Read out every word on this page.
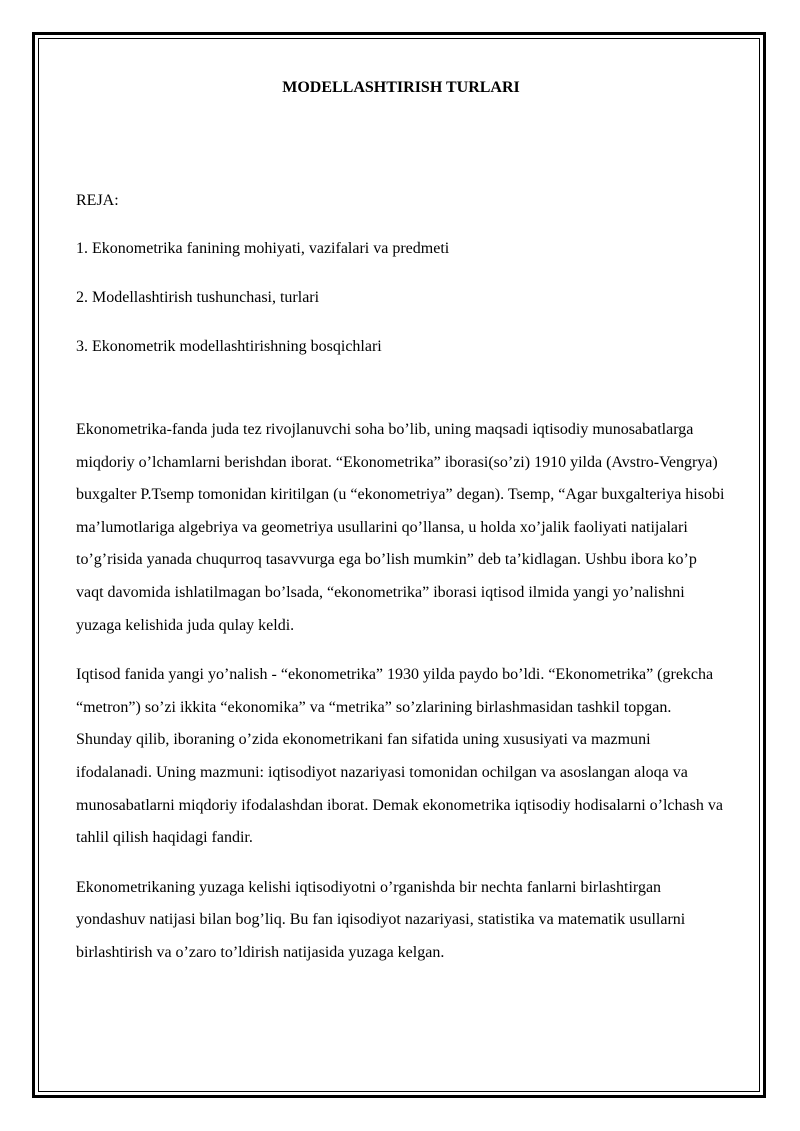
MODELLASHTIRISH TURLARI

REJA:

1. Ekonometrika fanining mohiyati, vazifalari va predmeti
2. Modellashtirish tushunchasi, turlari
3. Ekonometrik modellashtirishning bosqichlari

Ekonometrika-fanda juda tez rivojlanuvchi soha bo’lib, uning maqsadi iqtisodiy munosabatlarga miqdoriy o’lchamlarni berishdan iborat. “Ekonometrika” iborasi(so’zi) 1910 yilda (Avstro-Vengrya) buxgalter P.Tsemp tomonidan kiritilgan (u “ekonometriya” degan). Tsemp, “Agar buxgalteriya hisobi ma’lumotlariga algebriya va geometriya usullarini qo’llansa, u holda xo’jalik faoliyati natijalari to’g’risida yanada chuqurroq tasavvurga ega bo’lish mumkin” deb ta’kidlagan. Ushbu ibora ko’p vaqt davomida ishlatilmagan bo’lsada, “ekonometrika” iborasi iqtisod ilmida yangi yo’nalishni yuzaga kelishida juda qulay keldi.

Iqtisod fanida yangi yo’nalish - “ekonometrika” 1930 yilda paydo bo’ldi. “Ekonometrika” (grekcha “metron”) so’zi ikkita “ekonomika” va “metrika” so’zlarining birlashmasidan tashkil topgan. Shunday qilib, iboraning o’zida ekonometrikani fan sifatida uning xususiyati va mazmuni ifodalanadi. Uning mazmuni: iqtisodiyot nazariyasi tomonidan ochilgan va asoslangan aloqa va munosabatlarni miqdoriy ifodalashdan iborat. Demak ekonometrika iqtisodiy hodisalarni o’lchash va tahlil qilish haqidagi fandir.

Ekonometrikaning yuzaga kelishi iqtisodiyotni o’rganishda bir nechta fanlarni birlashtirgan yondashuv natijasi bilan bog’liq. Bu fan iqisodiyot nazariyasi, statistika va matematik usullarni birlashtirish va o’zaro to’ldirish natijasida yuzaga kelgan.
